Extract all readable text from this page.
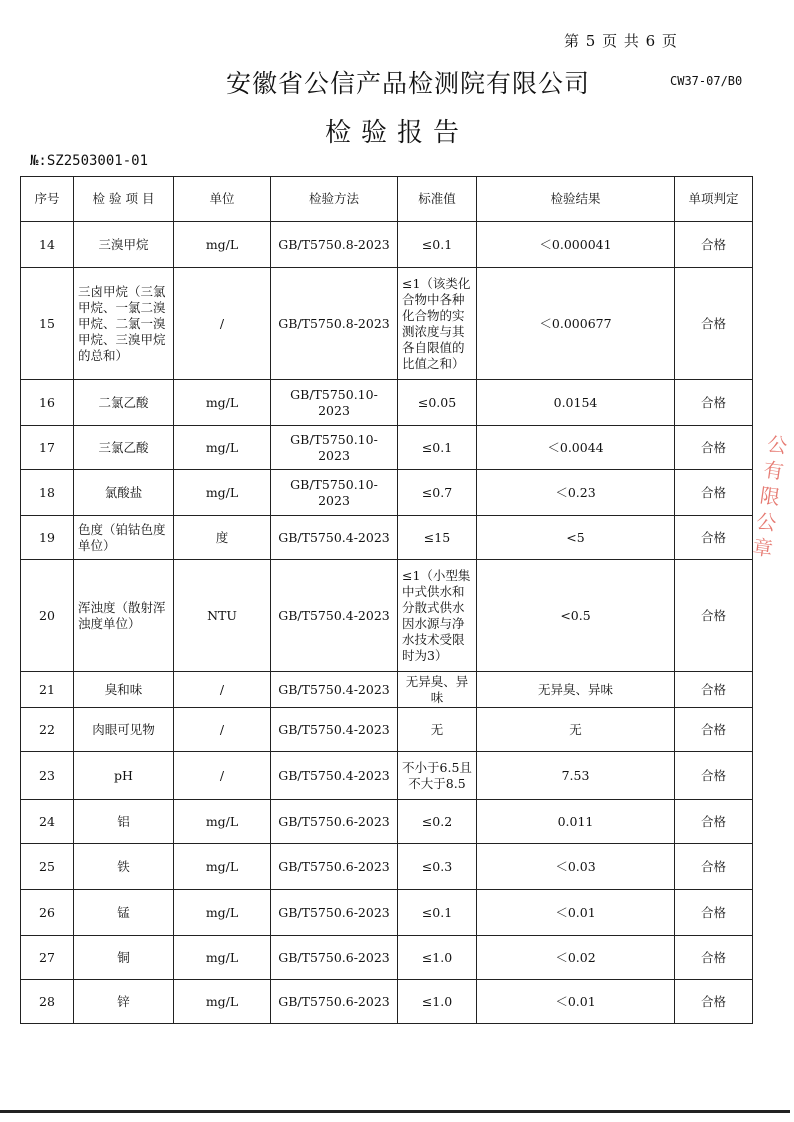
第 5 页 共 6 页
安徽省公信产品检测院有限公司	CW37-07/B0
检验报告
№:SZ2503001-01
序号	检 验 项 目	单位	检验方法	标准值	检验结果	单项判定
14	三溴甲烷	mg/L	GB/T5750.8-2023	≤0.1	＜0.000041	合格
15	三卤甲烷（三氯甲烷、一氯二溴甲烷、二氯一溴甲烷、三溴甲烷的总和）	/	GB/T5750.8-2023	≤1（该类化合物中各种化合物的实测浓度与其各自限值的比值之和）	＜0.000677	合格
16	二氯乙酸	mg/L	GB/T5750.10-2023	≤0.05	0.0154	合格
17	三氯乙酸	mg/L	GB/T5750.10-2023	≤0.1	＜0.0044	合格
18	氯酸盐	mg/L	GB/T5750.10-2023	≤0.7	＜0.23	合格
19	色度（铂钴色度单位）	度	GB/T5750.4-2023	≤15	<5	合格
20	浑浊度（散射浑浊度单位）	NTU	GB/T5750.4-2023	≤1（小型集中式供水和分散式供水因水源与净水技术受限时为3）	<0.5	合格
21	臭和味	/	GB/T5750.4-2023	无异臭、异味	无异臭、异味	合格
22	肉眼可见物	/	GB/T5750.4-2023	无	无	合格
23	pH	/	GB/T5750.4-2023	不小于6.5且不大于8.5	7.53	合格
24	铝	mg/L	GB/T5750.6-2023	≤0.2	0.011	合格
25	铁	mg/L	GB/T5750.6-2023	≤0.3	＜0.03	合格
26	锰	mg/L	GB/T5750.6-2023	≤0.1	＜0.01	合格
27	铜	mg/L	GB/T5750.6-2023	≤1.0	＜0.02	合格
28	锌	mg/L	GB/T5750.6-2023	≤1.0	＜0.01	合格
公
有
限
公
章
